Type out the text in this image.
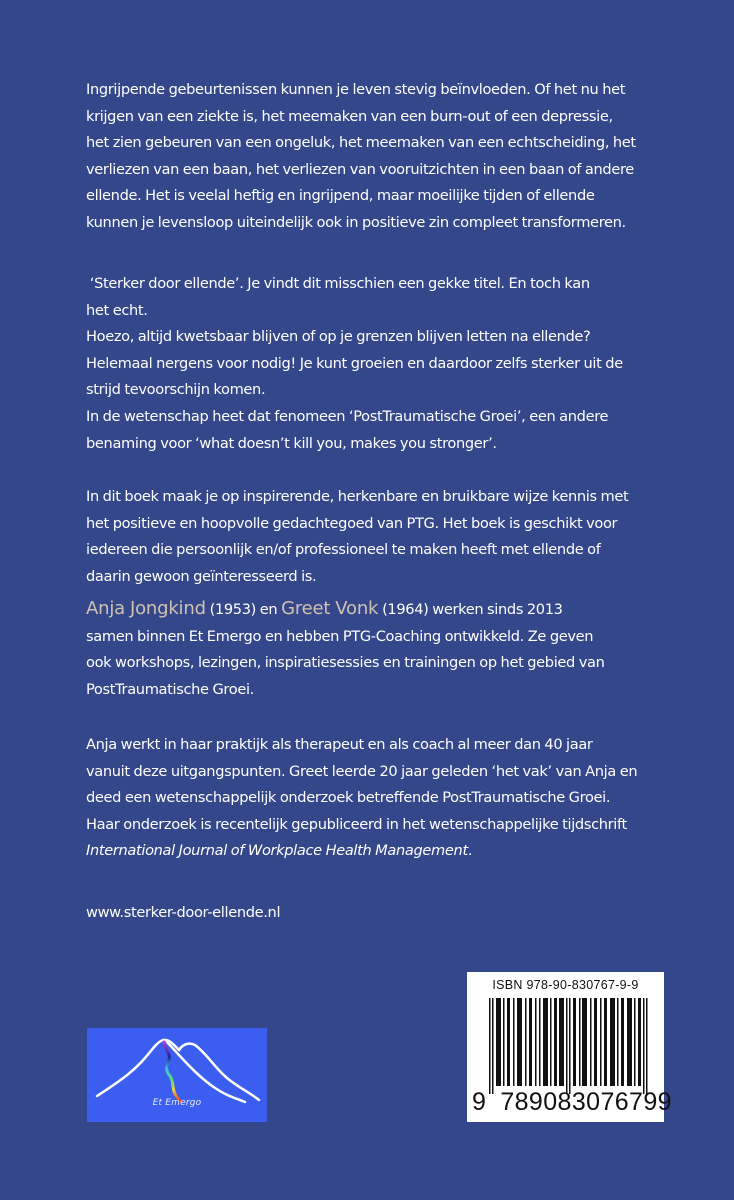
Ingrijpende gebeurtenissen kunnen je leven stevig beïnvloeden. Of het nu het
krijgen van een ziekte is, het meemaken van een burn-out of een depressie,
het zien gebeuren van een ongeluk, het meemaken van een echtscheiding, het
verliezen van een baan, het verliezen van vooruitzichten in een baan of andere
ellende. Het is veelal heftig en ingrijpend, maar moeilijke tijden of ellende
kunnen je levensloop uiteindelijk ook in positieve zin compleet transformeren.
‘Sterker door ellende’. Je vindt dit misschien een gekke titel. En toch kan
het echt.
Hoezo, altijd kwetsbaar blijven of op je grenzen blijven letten na ellende?
Helemaal nergens voor nodig! Je kunt groeien en daardoor zelfs sterker uit de
strijd tevoorschijn komen.
In de wetenschap heet dat fenomeen ‘PostTraumatische Groei’, een andere
benaming voor ‘what doesn’t kill you, makes you stronger’.
In dit boek maak je op inspirerende, herkenbare en bruikbare wijze kennis met
het positieve en hoopvolle gedachtegoed van PTG. Het boek is geschikt voor
iedereen die persoonlijk en/of professioneel te maken heeft met ellende of
daarin gewoon geïnteresseerd is.
Anja Jongkind (1953) en Greet Vonk (1964) werken sinds 2013
samen binnen Et Emergo en hebben PTG-Coaching ontwikkeld. Ze geven
ook workshops, lezingen, inspiratiesessies en trainingen op het gebied van
PostTraumatische Groei.
Anja werkt in haar praktijk als therapeut en als coach al meer dan 40 jaar
vanuit deze uitgangspunten. Greet leerde 20 jaar geleden ‘het vak’ van Anja en
deed een wetenschappelijk onderzoek betreffende PostTraumatische Groei.
Haar onderzoek is recentelijk gepubliceerd in het wetenschappelijke tijdschrift
International Journal of Workplace Health Management.
www.sterker-door-ellende.nl
Et Emergo
ISBN 978-90-830767-9-9
9 789083076799
